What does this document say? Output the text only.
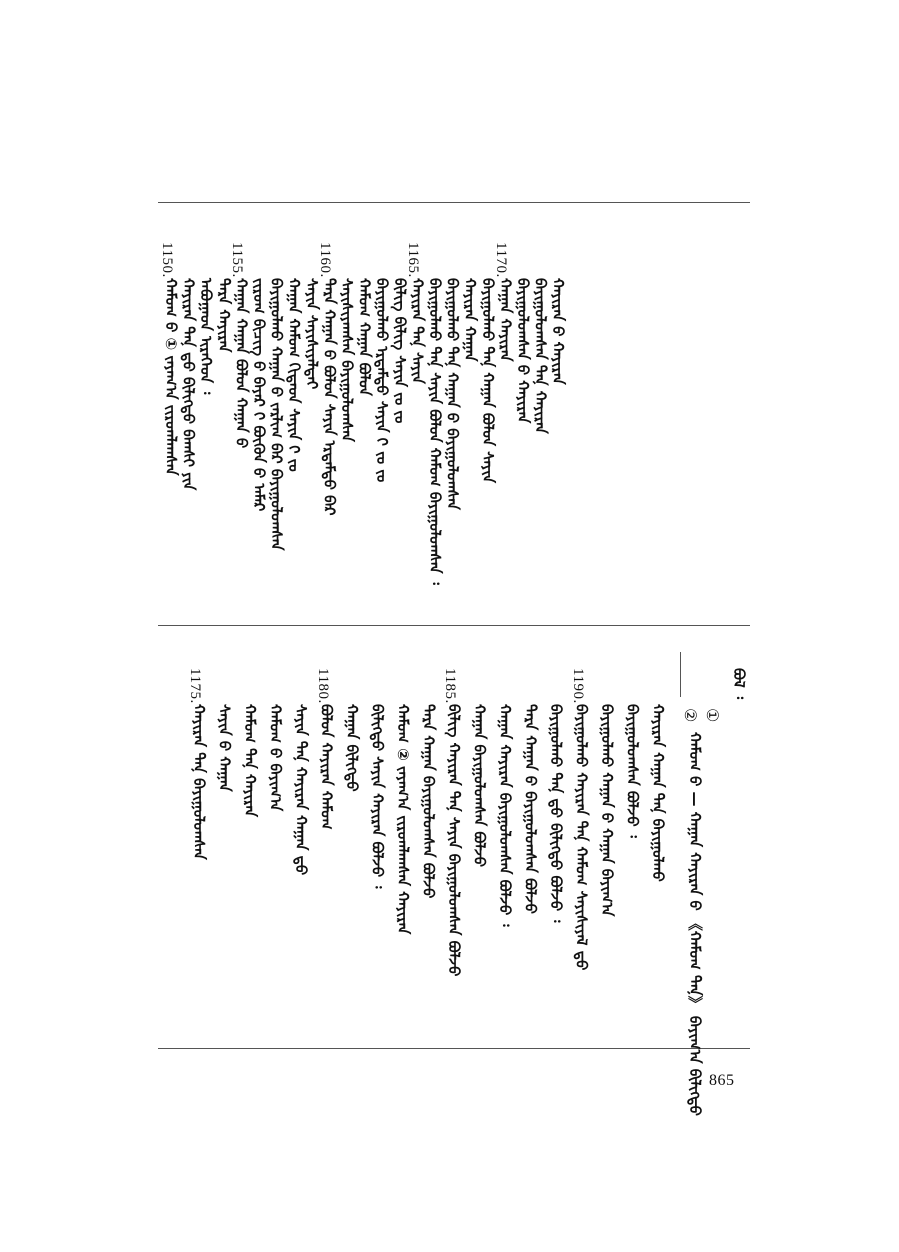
1150.
ᠬᠠᠮᠤᠭ ᠤ᠋ ① ᠵᠠᠶᠠᠭ᠎ᠠ ᠵᠢᠷᠤᠭᠯᠠᠭᠰᠠᠨ ᠬᠠᠶᠢᠷᠠᠨ ᠲᠡᠨ᠋ ᠳ᠋ᠤ᠌ ᠪᠢᠯᠢᠭᠲᠦ ᠪᠠᠭᠰᠢ ᠶᠢᠨ ᠠᠪᠤᠭᠠᠳ ᠢᠷᠡᠭᠡᠳ ᠄ ᠲᠡᠷᠡ ᠬᠠᠶᠢᠷᠠᠨ
1155.
ᠬᠠᠭᠠᠨ ᠬᠠᠭᠠᠨ ᠪᠣᠯᠤᠨ ᠬᠠᠭᠠᠨ ᠤ᠋ ᠵᠢᠷᠤᠭ ᠪᠢᠴᠢᠭ ᠤ᠋ ᠪᠠᠶᠠᠷ ᠢ᠋ ᠪᠦᠬᠦᠨ ᠦ᠌ ᠠᠮᠠᠷ ᠪᠠᠶᠢᠭᠤᠯᠬᠤ ᠬᠠᠭᠠᠨ ᠤ᠋ ᠵᠠᠷᠯᠢᠭ ᠪᠡᠷ ᠪᠠᠶᠢᠭᠤᠯᠤᠭᠰᠠᠨ ᠬᠠᠭᠠᠨ ᠬᠠᠮᠤᠭ ᠬᠢᠲᠠᠳ ᠰᠠᠶᠢᠨ ᠢ᠋ ᠵᠤ ᠰᠠᠶᠢᠨ ᠰᠠᠶᠢᠰᠢᠶᠠᠯᠲᠠᠢ
1160.
ᠲᠡᠷᠡ ᠬᠠᠭᠠᠨ ᠤ᠋ ᠪᠣᠯᠤᠨ ᠰᠠᠶᠢᠨ ᠡᠷᠳᠡᠮᠲᠦ ᠪᠡᠷ ᠰᠠᠶᠢᠰᠢᠶᠠᠭᠰᠠᠨ ᠪᠠᠶᠢᠭᠤᠯᠤᠭᠰᠠᠨ ᠬᠠᠮᠤᠭ ᠬᠠᠭᠠᠨ ᠪᠣᠯᠤᠨ ᠪᠠᠶᠢᠭᠤᠯᠬᠤ ᠡᠷᠳᠡᠮᠲᠦ ᠰᠠᠶᠢᠨ ᠢ᠋ ᠵᠤ ᠵᠤ ᠪᠢᠯᠢᠭ ᠪᠢᠯᠢᠭ ᠰᠠᠶᠢᠨ ᠵᠤ ᠵᠤ
1165.
ᠬᠠᠶᠢᠷᠠᠨ ᠲᠡᠨ᠋ ᠰᠠᠶᠢᠨ ᠪᠠᠶᠢᠭᠤᠯᠬᠤ ᠲᠡᠨ᠋ ᠰᠠᠶᠢᠨ ᠪᠣᠯᠤᠨ ᠬᠠᠮᠤᠭ ᠪᠠᠶᠢᠭᠤᠯᠤᠭᠰᠠᠨ ᠄ ᠪᠠᠶᠢᠭᠤᠯᠬᠤ ᠲᠡᠨ᠋ ᠬᠠᠭᠠᠨ ᠤ᠋ ᠪᠠᠶᠢᠭᠤᠯᠤᠭᠰᠠᠨ ᠬᠠᠶᠢᠷᠠᠨ ᠬᠠᠭᠠᠨ ᠪᠠᠶᠢᠭᠤᠯᠬᠤ ᠲᠡᠨ᠋ ᠬᠠᠭᠠᠨ ᠪᠣᠯᠤᠨ ᠰᠠᠶᠢᠨ
1170.
ᠬᠠᠭᠠᠨ ᠬᠠᠶᠢᠷᠠᠨ ᠪᠠᠶᠢᠭᠤᠯᠤᠭᠰᠠᠨ ᠤ᠋ ᠬᠠᠶᠢᠷᠠᠨ ᠪᠠᠶᠢᠭᠤᠯᠤᠭᠰᠠᠨ ᠲᠡᠨ᠋ ᠬᠠᠶᠢᠷᠠᠨ ᠬᠠᠶᠢᠷᠠᠨ ᠤ᠋ ᠬᠠᠶᠢᠷᠠᠨ
1175.
ᠬᠠᠶᠢᠷᠠᠨ ᠲᠡᠨ᠋ ᠪᠠᠶᠢᠭᠤᠯᠤᠭᠰᠠᠨ ᠰᠠᠶᠢᠨ ᠤ᠋ ᠬᠠᠭᠠᠨ ᠬᠠᠮᠤᠭ ᠲᠡᠨ᠋ ᠬᠠᠶᠢᠷᠠᠨ ᠬᠠᠮᠤᠭ ᠤ᠋ ᠪᠠᠶᠢᠭ᠎ᠠ ᠰᠠᠶᠢᠨ ᠲᠡᠨ᠋ ᠬᠠᠶᠢᠷᠠᠨ ᠬᠠᠭᠠᠨ ᠳ᠋ᠤ᠌
1180.
ᠪᠣᠯᠤᠨ ᠬᠠᠶᠢᠷᠠᠨ ᠬᠠᠮᠤᠭ ᠬᠠᠭᠠᠨ ᠪᠢᠯᠢᠭᠲᠦ ᠪᠢᠯᠢᠭᠲᠦ ᠰᠠᠶᠢᠨ ᠬᠠᠶᠢᠷᠠᠨ ᠪᠣᠯᠵᠤ ᠄ ᠬᠠᠮᠤᠭ ② ᠵᠠᠶᠠᠭ᠎ᠠ ᠵᠢᠷᠤᠭᠯᠠᠭᠰᠠᠨ ᠬᠠᠶᠢᠷᠠᠨ ᠲᠡᠷᠡ ᠬᠠᠭᠠᠨ ᠪᠠᠶᠢᠭᠤᠯᠤᠭᠰᠠᠨ ᠪᠣᠯᠵᠤ
1185.
ᠪᠢᠯᠢᠭ ᠬᠠᠶᠢᠷᠠᠨ ᠲᠡᠨ᠋ ᠰᠠᠶᠢᠨ ᠪᠠᠶᠢᠭᠤᠯᠤᠭᠰᠠᠨ ᠪᠣᠯᠵᠤ ᠬᠠᠭᠠᠨ ᠪᠠᠶᠢᠭᠤᠯᠤᠭᠰᠠᠨ ᠪᠣᠯᠵᠤ ᠬᠠᠭᠠᠨ ᠬᠠᠶᠢᠷᠠᠨ ᠪᠠᠶᠢᠭᠤᠯᠤᠭᠰᠠᠨ ᠪᠣᠯᠵᠤ ᠄ ᠲᠡᠷᠡ ᠬᠠᠭᠠᠨ ᠤ᠋ ᠪᠠᠶᠢᠭᠤᠯᠤᠭᠰᠠᠨ ᠪᠣᠯᠵᠤ ᠪᠠᠶᠢᠭᠤᠯᠬᠤ ᠲᠡᠨ᠋ ᠳ᠋ᠤ᠌ ᠪᠢᠯᠢᠭᠲᠦ ᠪᠣᠯᠵᠤ ᠄
1190.
ᠪᠠᠶᠢᠭᠤᠯᠬᠤ ᠬᠠᠶᠢᠷᠠᠨ ᠲᠡᠨ᠋ ᠬᠠᠮᠤᠭ ᠰᠠᠶᠢᠰᠢᠶᠠᠯ ᠳ᠋ᠤ᠌ ᠪᠠᠶᠢᠭᠤᠯᠬᠤ ᠬᠠᠭᠠᠨ ᠤ᠋ ᠬᠠᠭᠠᠨ ᠪᠠᠶᠢᠭ᠎ᠠ ᠪᠠᠶᠢᠭᠤᠯᠤᠭᠰᠠᠨ ᠪᠣᠯᠵᠤ ᠄ ᠬᠠᠶᠢᠷᠠᠨ ᠬᠠᠭᠠᠨ ᠲᠡᠨ᠋ ᠪᠠᠶᠢᠭᠤᠯᠬᠤ ②
ᠬᠠᠮᠤᠭ ᠤ᠋ — ᠬᠠᠭᠠᠨ ᠬᠠᠶᠢᠷᠠᠨ ᠤ᠋ 《ᠬᠠᠮᠤᠭ ᠲᠡᠨ᠋》 ᠪᠠᠶᠢᠭ᠎ᠠ ᠪᠢᠯᠢᠭᠲᠦ
①
ᠪᠣᠯ ᠄
865
